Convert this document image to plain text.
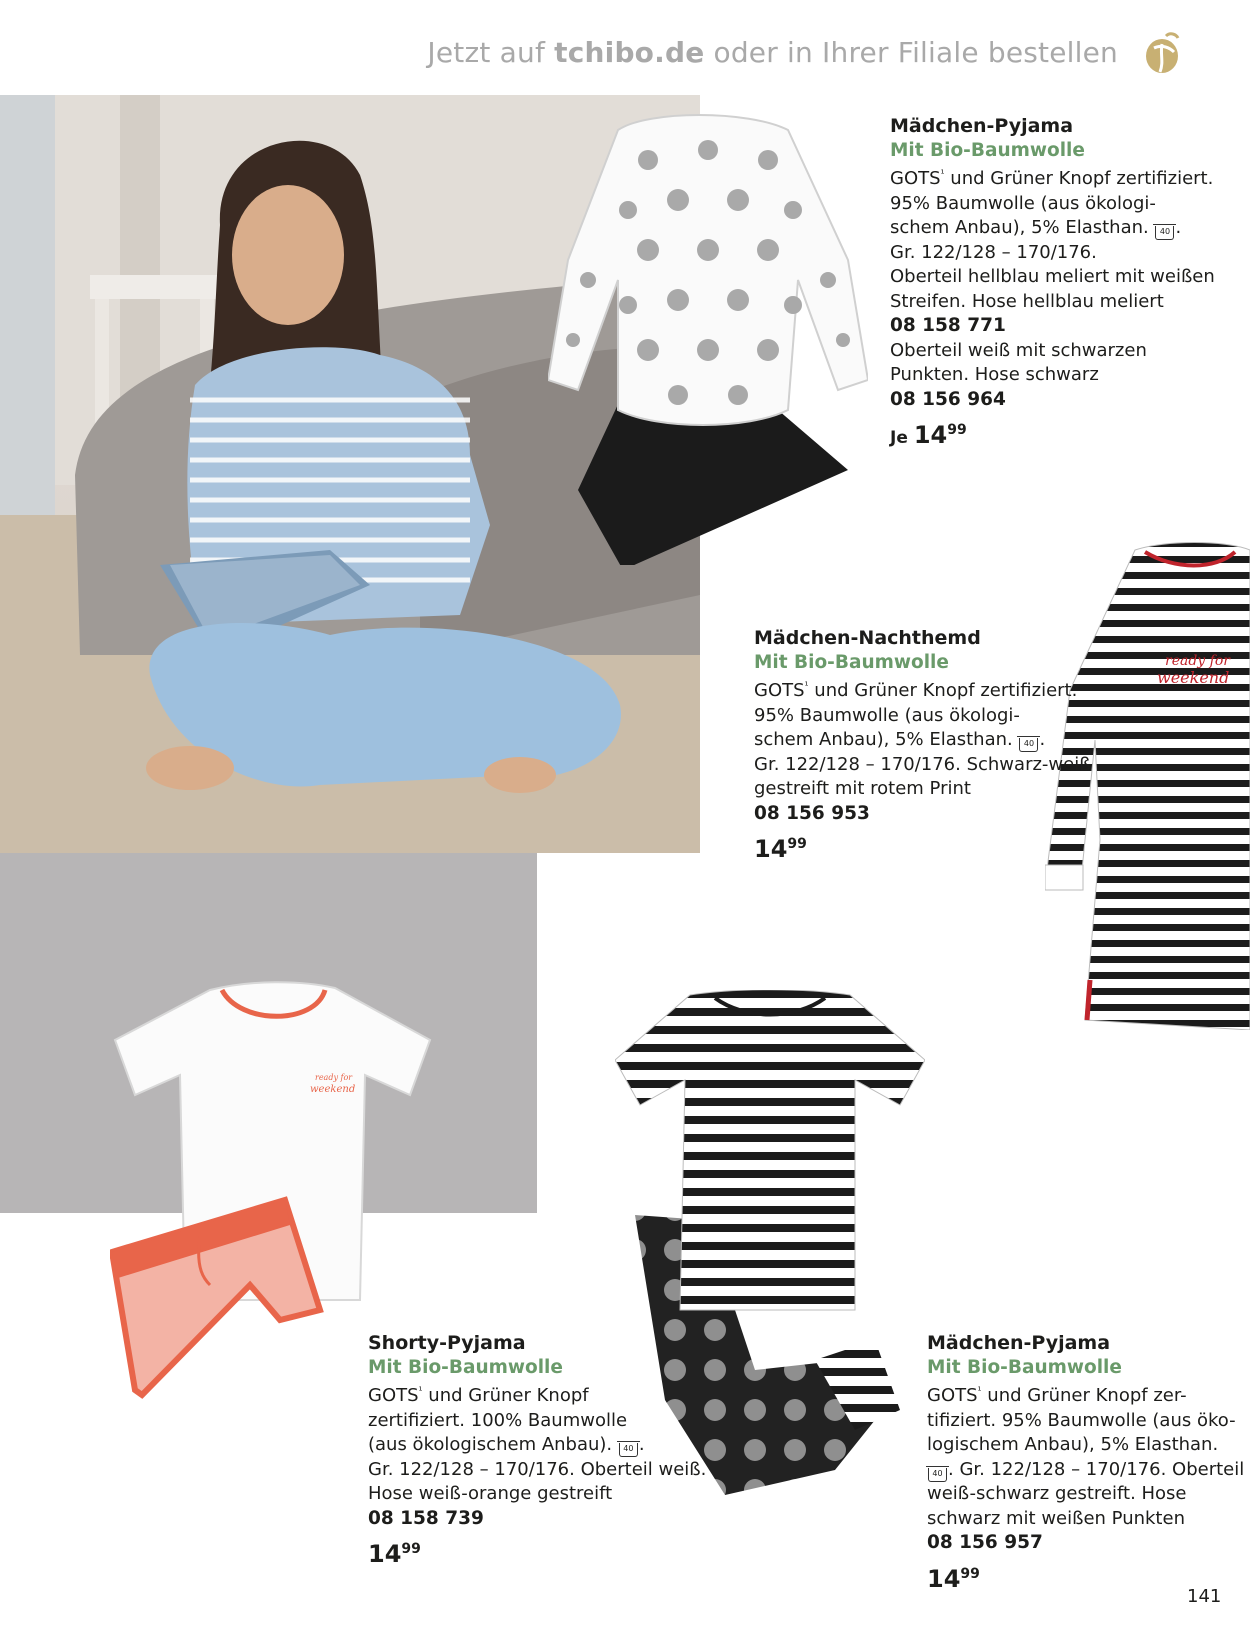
Jetzt auf tchibo.de oder in Ihrer Filiale bestellen
ready for
weekend
ready for
weekend
Mädchen-Pyjama
Mit Bio-Baumwolle
GOTS$^{^1}$ und Grüner Knopf zertifiziert.
95% Baumwolle (aus ökologi-
schem Anbau), 5% Elasthan. 40 .
Gr. 122/128 – 170/176.
Oberteil hellblau meliert mit weißen
Streifen. Hose hellblau meliert
08 158 771
Oberteil weiß mit schwarzen
Punkten. Hose schwarz
08 156 964
Je $14^{99}$
Mädchen-Nachthemd
Mit Bio-Baumwolle
GOTS$^{^1}$ und Grüner Knopf zertifiziert.
95% Baumwolle (aus ökologi-
schem Anbau), 5% Elasthan. 40 .
Gr. 122/128 – 170/176. Schwarz-weiß
gestreift mit rotem Print
08 156 953
$14^{99}$
Shorty-Pyjama
Mit Bio-Baumwolle
GOTS$^{^1}$ und Grüner Knopf
zertifiziert. 100% Baumwolle
(aus ökologischem Anbau). 40 .
Gr. 122/128 – 170/176. Oberteil weiß.
Hose weiß-orange gestreift
08 158 739
$14^{99}$
Mädchen-Pyjama
Mit Bio-Baumwolle
GOTS$^{^1}$ und Grüner Knopf zer-
tifiziert. 95% Baumwolle (aus öko-
logischem Anbau), 5% Elasthan.
40 . Gr. 122/128 – 170/176. Oberteil
weiß-schwarz gestreift. Hose
schwarz mit weißen Punkten
08 156 957
$14^{99}$
141
